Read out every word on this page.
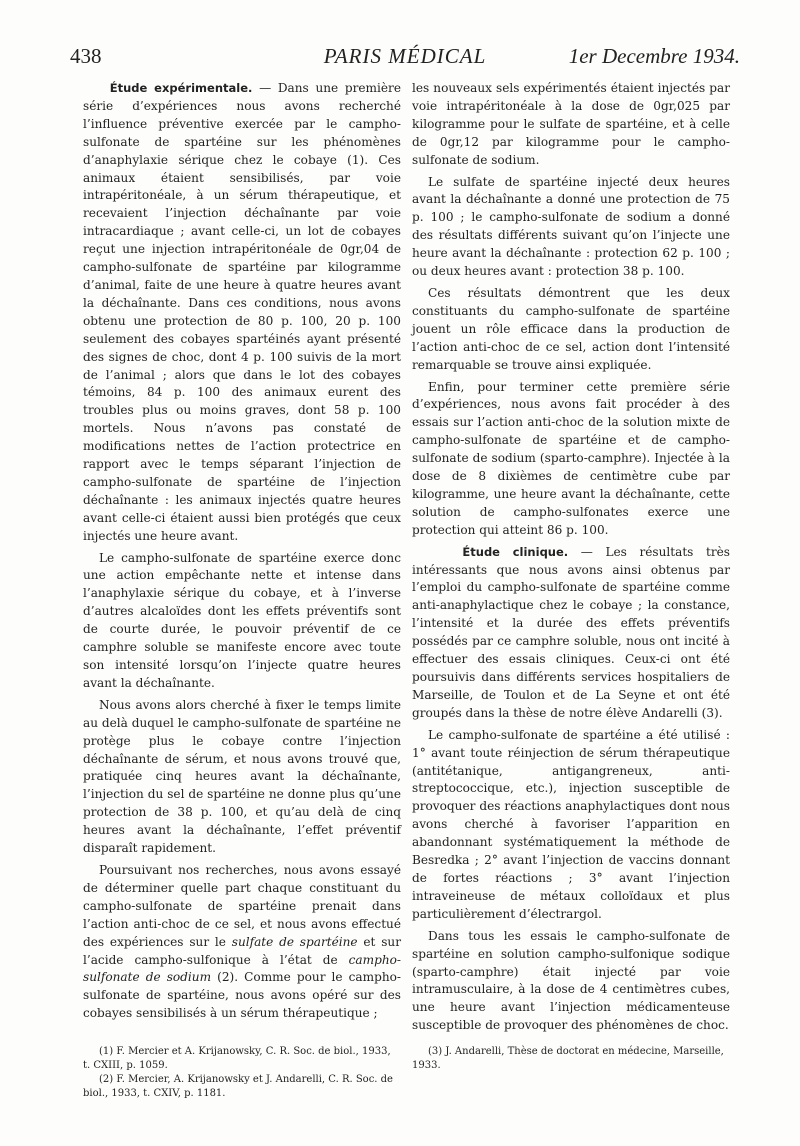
438	PARIS MÉDICAL	1er Decembre 1934.

Étude expérimentale. — Dans une première série d’expériences nous avons recherché l’influence préventive exercée par le campho-sulfonate de spartéine sur les phénomènes d’anaphylaxie sérique chez le cobaye (1). Ces animaux étaient sensibilisés, par voie intrapéritonéale, à un sérum thérapeutique, et recevaient l’injection déchaînante par voie intracardiaque ; avant celle-ci, un lot de cobayes reçut une injection intrapéritonéale de 0gr,04 de campho-sulfonate de spartéine par kilogramme d’animal, faite de une heure à quatre heures avant la déchaînante. Dans ces conditions, nous avons obtenu une protection de 80 p. 100, 20 p. 100 seulement des cobayes spartéinés ayant présenté des signes de choc, dont 4 p. 100 suivis de la mort de l’animal ; alors que dans le lot des cobayes témoins, 84 p. 100 des animaux eurent des troubles plus ou moins graves, dont 58 p. 100 mortels. Nous n’avons pas constaté de modifications nettes de l’action protectrice en rapport avec le temps séparant l’injection de campho-sulfonate de spartéine de l’injection déchaînante : les animaux injectés quatre heures avant celle-ci étaient aussi bien protégés que ceux injectés une heure avant.

Le campho-sulfonate de spartéine exerce donc une action empêchante nette et intense dans l’anaphylaxie sérique du cobaye, et à l’inverse d’autres alcaloïdes dont les effets préventifs sont de courte durée, le pouvoir préventif de ce camphre soluble se manifeste encore avec toute son intensité lorsqu’on l’injecte quatre heures avant la déchaînante.

Nous avons alors cherché à fixer le temps limite au delà duquel le campho-sulfonate de spartéine ne protège plus le cobaye contre l’injection déchaînante de sérum, et nous avons trouvé que, pratiquée cinq heures avant la déchaînante, l’injection du sel de spartéine ne donne plus qu’une protection de 38 p. 100, et qu’au delà de cinq heures avant la déchaînante, l’effet préventif disparaît rapidement.

Poursuivant nos recherches, nous avons essayé de déterminer quelle part chaque constituant du campho-sulfonate de spartéine prenait dans l’action anti-choc de ce sel, et nous avons effectué des expériences sur le sulfate de spartéine et sur l’acide campho-sulfonique à l’état de campho-sulfonate de sodium (2). Comme pour le campho-sulfonate de spartéine, nous avons opéré sur des cobayes sensibilisés à un sérum thérapeutique ;

(1) F. Mercier et A. Krijanowsky, C. R. Soc. de biol., 1933, t. CXIII, p. 1059.

(2) F. Mercier, A. Krijanowsky et J. Andarelli, C. R. Soc. de biol., 1933, t. CXIV, p. 1181.

les nouveaux sels expérimentés étaient injectés par voie intrapéritonéale à la dose de 0gr,025 par kilogramme pour le sulfate de spartéine, et à celle de 0gr,12 par kilogramme pour le campho-sulfonate de sodium.

Le sulfate de spartéine injecté deux heures avant la déchaînante a donné une protection de 75 p. 100 ; le campho-sulfonate de sodium a donné des résultats différents suivant qu’on l’injecte une heure avant la déchaînante : protection 62 p. 100 ; ou deux heures avant : protection 38 p. 100.

Ces résultats démontrent que les deux constituants du campho-sulfonate de spartéine jouent un rôle efficace dans la production de l’action anti-choc de ce sel, action dont l’intensité remarquable se trouve ainsi expliquée.

Enfin, pour terminer cette première série d’expériences, nous avons fait procéder à des essais sur l’action anti-choc de la solution mixte de campho-sulfonate de spartéine et de campho-sulfonate de sodium (sparto-camphre). Injectée à la dose de 8 dixièmes de centimètre cube par kilogramme, une heure avant la déchaînante, cette solution de campho-sulfonates exerce une protection qui atteint 86 p. 100.

Étude clinique. — Les résultats très intéressants que nous avons ainsi obtenus par l’emploi du campho-sulfonate de spartéine comme anti-anaphylactique chez le cobaye ; la constance, l’intensité et la durée des effets préventifs possédés par ce camphre soluble, nous ont incité à effectuer des essais cliniques. Ceux-ci ont été poursuivis dans différents services hospitaliers de Marseille, de Toulon et de La Seyne et ont été groupés dans la thèse de notre élève Andarelli (3).

Le campho-sulfonate de spartéine a été utilisé : 1° avant toute réinjection de sérum thérapeutique (antitétanique, antigangreneux, anti-streptococcique, etc.), injection susceptible de provoquer des réactions anaphylactiques dont nous avons cherché à favoriser l’apparition en abandonnant systématiquement la méthode de Besredka ; 2° avant l’injection de vaccins donnant de fortes réactions ; 3° avant l’injection intraveineuse de métaux colloïdaux et plus particulièrement d’électrargol.

Dans tous les essais le campho-sulfonate de spartéine en solution campho-sulfonique sodique (sparto-camphre) était injecté par voie intramusculaire, à la dose de 4 centimètres cubes, une heure avant l’injection médicamenteuse susceptible de provoquer des phénomènes de choc.

(3) J. Andarelli, Thèse de doctorat en médecine, Marseille, 1933.
